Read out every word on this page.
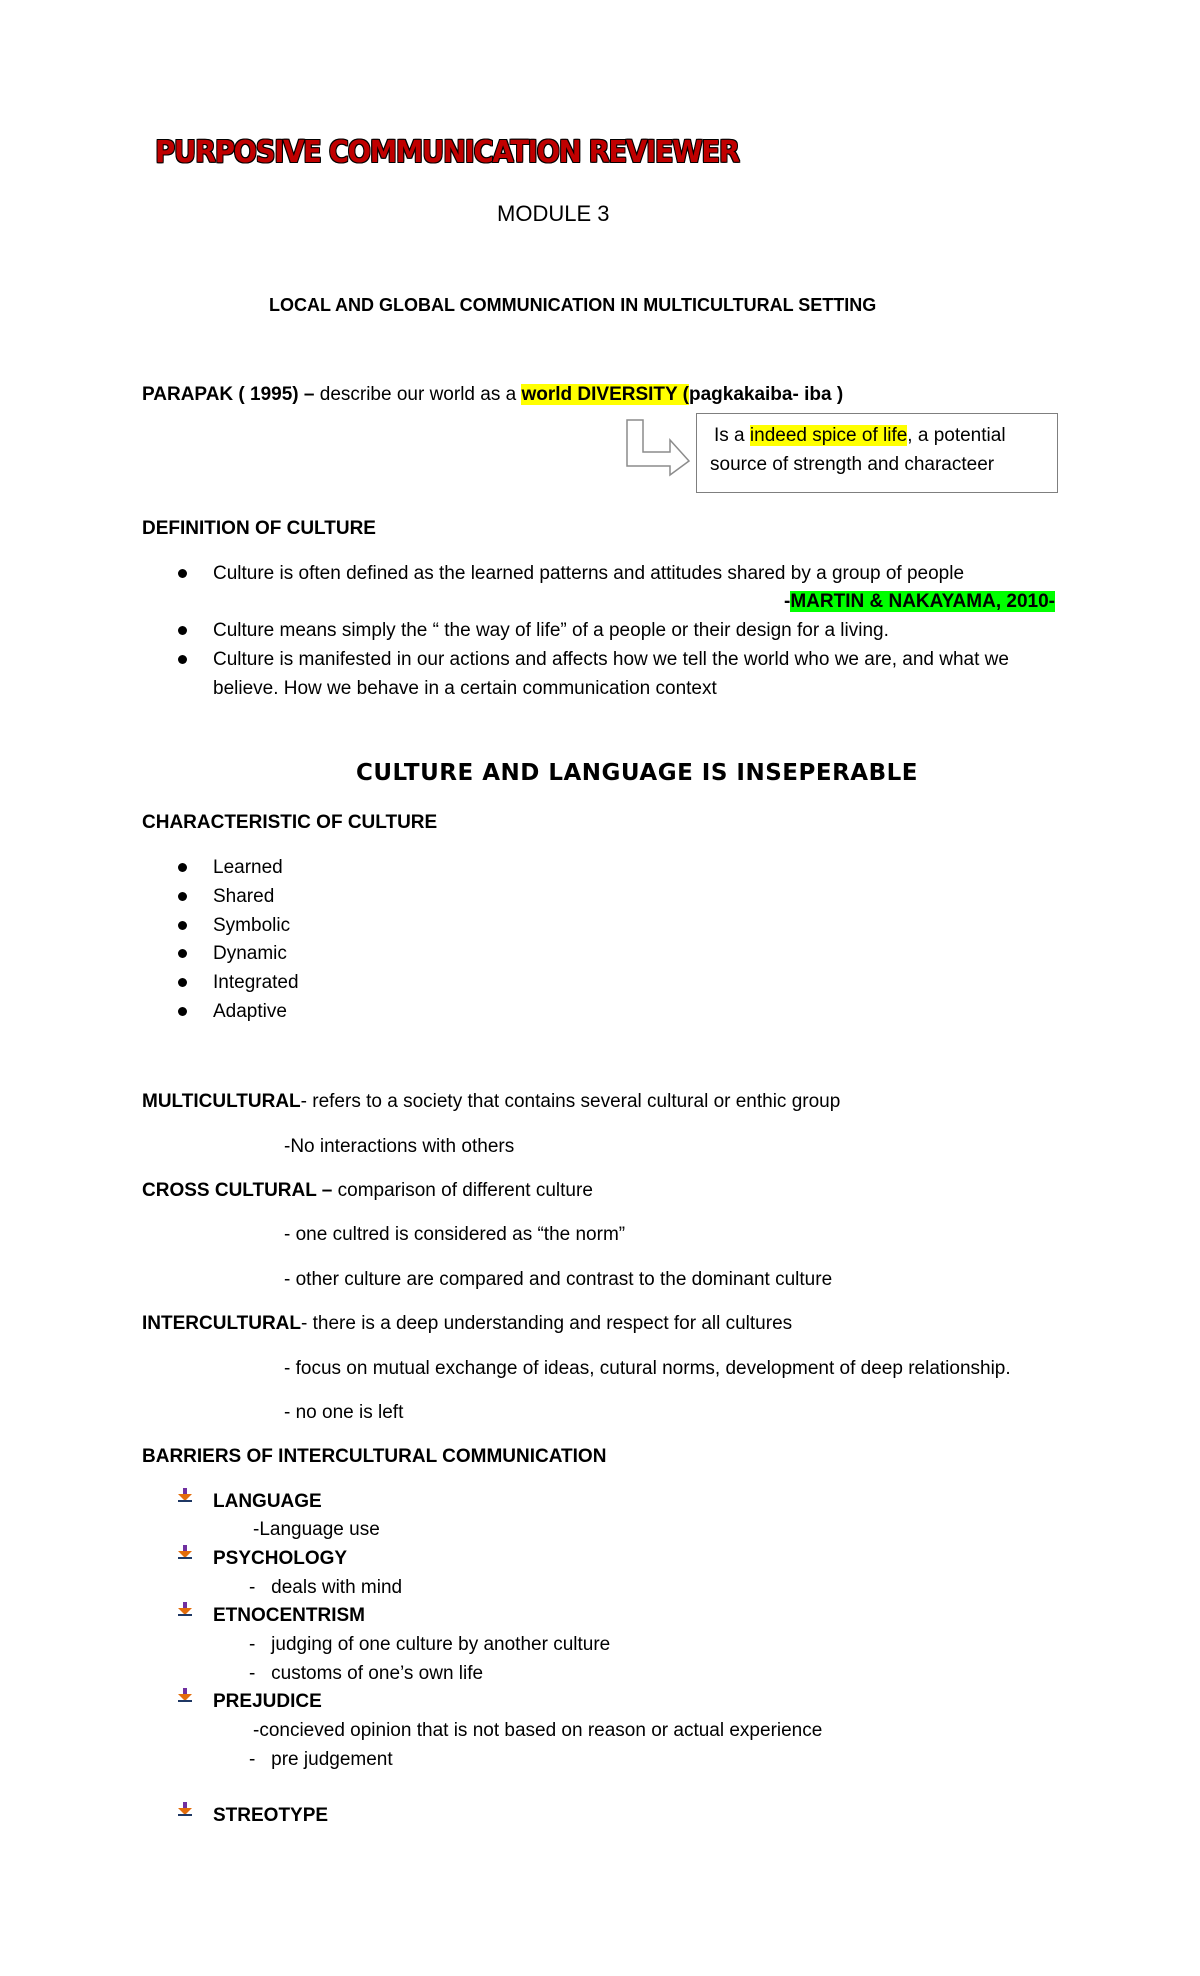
PURPOSIVE COMMUNICATION REVIEWER
MODULE 3
LOCAL AND GLOBAL COMMUNICATION IN MULTICULTURAL SETTING
PARAPAK ( 1995) – describe our world as a world DIVERSITY (pagkakaiba- iba )
Is a indeed spice of life, a potential
source of strength and characteer
DEFINITION OF CULTURE
Culture is often defined as the learned patterns and attitudes shared by a group of people
-MARTIN & NAKAYAMA, 2010-
Culture means simply the “ the way of life” of a people or their design for a living.
Culture is manifested in our actions and affects how we tell the world who we are, and what we
believe. How we behave in a certain communication context
CULTURE AND LANGUAGE IS INSEPERABLE
CHARACTERISTIC OF CULTURE
Learned
Shared
Symbolic
Dynamic
Integrated
Adaptive
MULTICULTURAL- refers to a society that contains several cultural or enthic group
-No interactions with others
CROSS CULTURAL – comparison of different culture
- one cultred is considered as “the norm”
- other culture are compared and contrast to the dominant culture
INTERCULTURAL- there is a deep understanding and respect for all cultures
- focus on mutual exchange of ideas, cutural norms, development of deep relationship.
- no one is left
BARRIERS OF INTERCULTURAL COMMUNICATION
LANGUAGE
-Language use
PSYCHOLOGY
-   deals with mind
ETNOCENTRISM
-   judging of one culture by another culture
-   customs of one’s own life
PREJUDICE
-concieved opinion that is not based on reason or actual experience
-   pre judgement
STREOTYPE
